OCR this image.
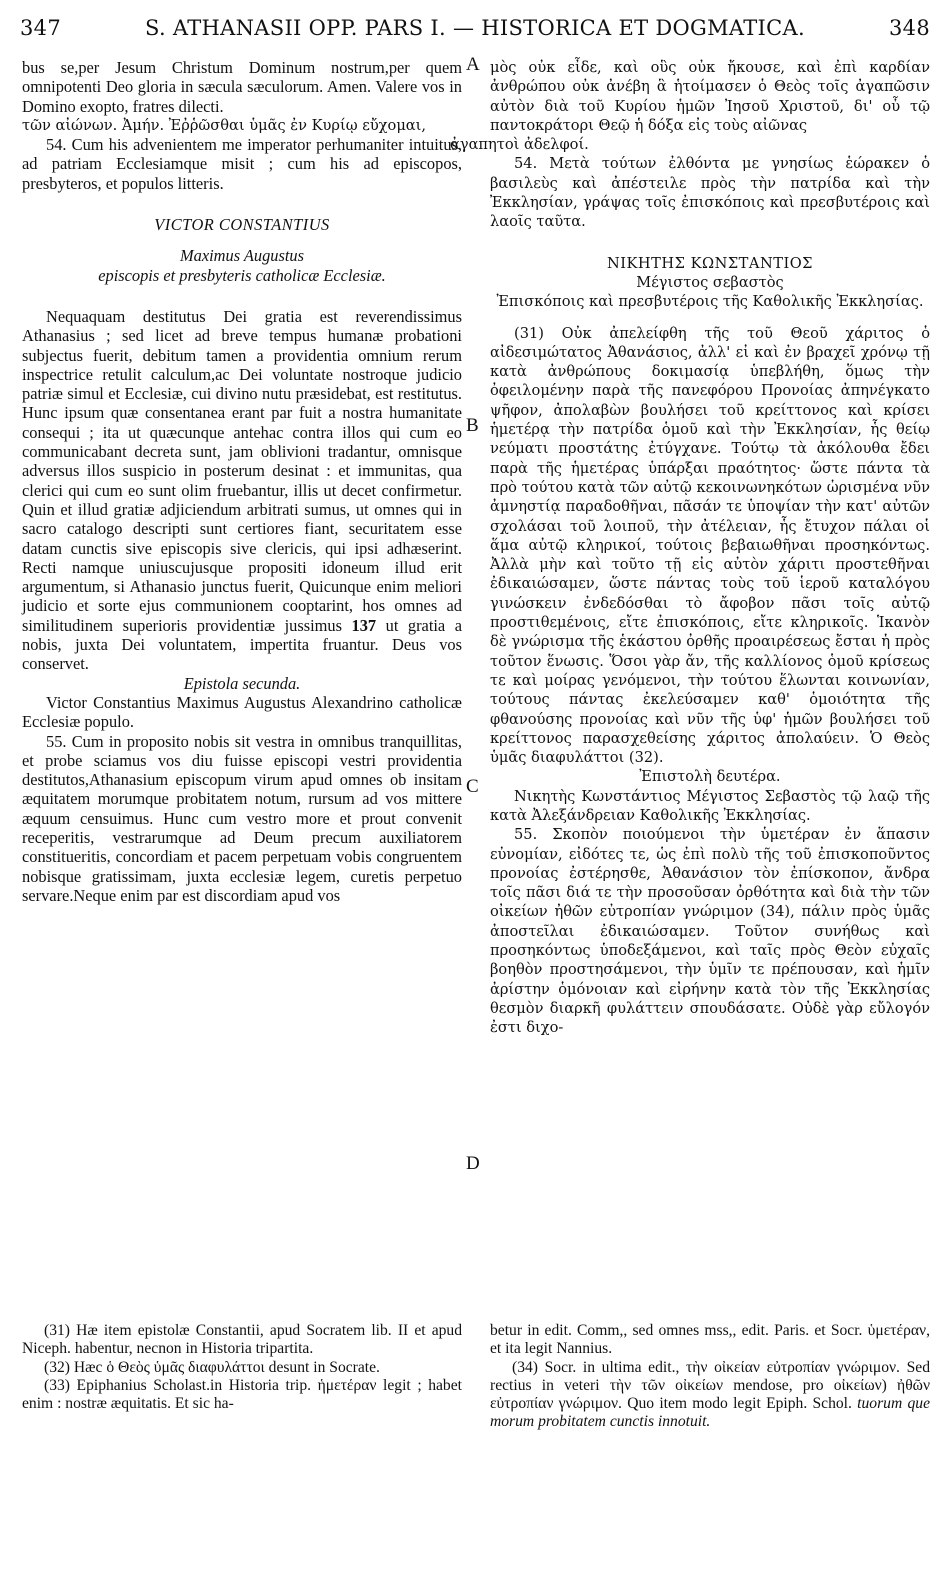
347	S. ATHANASII OPP. PARS I. — HISTORICA ET DOGMATICA.	348
A
B
C
D

bus se,per Jesum Christum Dominum nostrum,per quem omnipotenti Deo gloria in sæcula sæculorum. Amen. Valere vos in Domino exopto, fratres dilecti.

τῶν αἰώνων. Ἀμήν. Ἐῤῥῶσθαι ὑμᾶς ἐν Κυρίῳ εὔχομαι,

54. Cum his advenientem me imperator perhumaniter intuitus, ad patriam Ecclesiamque misit ; cum his ad episcopos, presbyteros, et populos litteris.

VICTOR CONSTANTIUS

Maximus Augustus

episcopis et presbyteris catholicæ Ecclesiæ.

Nequaquam destitutus Dei gratia est reverendissimus Athanasius ; sed licet ad breve tempus humanæ probationi subjectus fuerit, debitum tamen a providentia omnium rerum inspectrice retulit calculum,ac Dei voluntate nostroque judicio patriæ simul et Ecclesiæ, cui divino nutu præsidebat, est restitutus. Hunc ipsum quæ consentanea erant par fuit a nostra humanitate consequi ; ita ut quæcunque antehac contra illos qui cum eo communicabant decreta sunt, jam oblivioni tradantur, omnisque adversus illos suspicio in posterum desinat : et immunitas, qua clerici qui cum eo sunt olim fruebantur, illis ut decet confirmetur. Quin et illud gratiæ adjiciendum arbitrati sumus, ut omnes qui in sacro catalogo descripti sunt certiores fiant, securitatem esse datam cunctis sive episcopis sive clericis, qui ipsi adhæserint. Recti namque uniuscujusque propositi idoneum illud erit argumentum, si Athanasio junctus fuerit, Quicunque enim meliori judicio et sorte ejus communionem cooptarint, hos omnes ad similitudinem superioris providentiæ jussimus 137 ut gratia a nobis, juxta Dei voluntatem, impertita fruantur. Deus vos conservet.

Epistola secunda.

Victor Constantius Maximus Augustus Alexandrino catholicæ Ecclesiæ populo.

55. Cum in proposito nobis sit vestra in omnibus tranquillitas, et probe sciamus vos diu fuisse episcopi vestri providentia destitutos,Athanasium episcopum virum apud omnes ob insitam æquitatem morumque probitatem notum, rursum ad vos mittere æquum censuimus. Hunc cum vestro more et prout convenit receperitis, vestrarumque ad Deum precum auxiliatorem constitueritis, concordiam et pacem perpetuam vobis congruentem nobisque gratissimam, juxta ecclesiæ legem, curetis perpetuo servare.Neque enim par est discordiam apud vos

μὸς οὐκ εἶδε, καὶ οὓς οὐκ ἤκουσε, καὶ ἐπὶ καρδίαν ἀνθρώπου οὐκ ἀνέβη ἃ ἡτοίμασεν ὁ Θεὸς τοῖς ἀγαπῶσιν αὐτὸν διὰ τοῦ Κυρίου ἡμῶν Ἰησοῦ Χριστοῦ, δι' οὗ τῷ παντοκράτορι Θεῷ ἡ δόξα εἰς τοὺς αἰῶνας

ἀγαπητοὶ ἀδελφοί.

54. Μετὰ τούτων ἐλθόντα με γνησίως ἑώρακεν ὁ βασιλεὺς καὶ ἀπέστειλε πρὸς τὴν πατρίδα καὶ τὴν Ἐκκλησίαν, γράψας τοῖς ἐπισκόποις καὶ πρεσβυτέροις καὶ λαοῖς ταῦτα.

ΝΙΚΗΤΗΣ ΚΩΝΣΤΑΝΤΙΟΣ

Μέγιστος σεβαστὸς

Ἐπισκόποις καὶ πρεσβυτέροις τῆς Καθολικῆς Ἐκκλησίας.

(31) Οὐκ ἀπελείφθη τῆς τοῦ Θεοῦ χάριτος ὁ αἰδεσιμώτατος Ἀθανάσιος, ἀλλ' εἰ καὶ ἐν βραχεῖ χρόνῳ τῇ κατὰ ἀνθρώπους δοκιμασίᾳ ὑπεβλήθη, ὅμως τὴν ὀφειλομένην παρὰ τῆς πανεφόρου Προνοίας ἀπηνέγκατο ψῆφον, ἀπολαβὼν βουλήσει τοῦ κρείττονος καὶ κρίσει ἡμετέρᾳ τὴν πατρίδα ὁμοῦ καὶ τὴν Ἐκκλησίαν, ἧς θείῳ νεύματι προστάτης ἐτύγχανε. Τούτῳ τὰ ἀκόλουθα ἔδει παρὰ τῆς ἡμετέρας ὑπάρξαι πραότητος· ὥστε πάντα τὰ πρὸ τούτου κατὰ τῶν αὐτῷ κεκοινωνηκότων ὡρισμένα νῦν ἀμνηστίᾳ παραδοθῆναι, πᾶσάν τε ὑποψίαν τὴν κατ' αὐτῶν σχολάσαι τοῦ λοιποῦ, τὴν ἀτέλειαν, ἧς ἔτυχον πάλαι οἱ ἅμα αὐτῷ κληρικοί, τούτοις βεβαιωθῆναι προσηκόντως. Ἀλλὰ μὴν καὶ τοῦτο τῇ εἰς αὐτὸν χάριτι προστεθῆναι ἐδικαιώσαμεν, ὥστε πάντας τοὺς τοῦ ἱεροῦ καταλόγου γινώσκειν ἐνδεδόσθαι τὸ ἄφοβον πᾶσι τοῖς αὐτῷ προστιθεμένοις, εἴτε ἐπισκόποις, εἴτε κληρικοῖς. Ἱκανὸν δὲ γνώρισμα τῆς ἑκάστου ὀρθῆς προαιρέσεως ἔσται ἡ πρὸς τοῦτον ἕνωσις. Ὅσοι γὰρ ἄν, τῆς καλλίονος ὁμοῦ κρίσεως τε καὶ μοίρας γενόμενοι, τὴν τούτου ἕλωνται κοινωνίαν, τούτους πάντας ἐκελεύσαμεν καθ' ὁμοιότητα τῆς φθανούσης προνοίας καὶ νῦν τῆς ὑφ' ἡμῶν βουλήσει τοῦ κρείττονος παρασχεθείσης χάριτος ἀπολαύειν. Ὁ Θεὸς ὑμᾶς διαφυλάττοι (32).

Ἐπιστολὴ δευτέρα.

Νικητὴς Κωνστάντιος Μέγιστος Σεβαστὸς τῷ λαῷ τῆς κατὰ Ἀλεξάνδρειαν Καθολικῆς Ἐκκλησίας.

55. Σκοπὸν ποιούμενοι τὴν ὑμετέραν ἐν ἅπασιν εὐνομίαν, εἰδότες τε, ὡς ἐπὶ πολὺ τῆς τοῦ ἐπισκοποῦντος προνοίας ἐστέρησθε, Ἀθανάσιον τὸν ἐπίσκοπον, ἄνδρα τοῖς πᾶσι διά τε τὴν προσοῦσαν ὀρθότητα καὶ διὰ τὴν τῶν οἰκείων ἠθῶν εὐτροπίαν γνώριμον (34), πάλιν πρὸς ὑμᾶς ἀποστεῖλαι ἐδικαιώσαμεν. Τοῦτον συνήθως καὶ προσηκόντως ὑποδεξάμενοι, καὶ ταῖς πρὸς Θεὸν εὐχαῖς βοηθὸν προστησάμενοι, τὴν ὑμῖν τε πρέπουσαν, καὶ ἡμῖν ἀρίστην ὁμόνοιαν καὶ εἰρήνην κατὰ τὸν τῆς Ἐκκλησίας θεσμὸν διαρκῆ φυλάττειν σπουδάσατε. Οὐδὲ γὰρ εὔλογόν ἐστι διχο-

(31) Hæ item epistolæ Constantii, apud Socratem lib. II et apud Niceph. habentur, necnon in Historia tripartita.

(32) Hæc ὁ Θεὸς ὑμᾶς διαφυλάττοι desunt in Socrate.

(33) Epiphanius Scholast.in Historia trip. ἡμετέραν legit ; habet enim : nostræ æquitatis. Et sic ha-

betur in edit. Comm,, sed omnes mss,, edit. Paris. et Socr. ὑμετέραν, et ita legit Nannius.

(34) Socr. in ultima edit., τὴν οἰκείαν εὐτροπίαν γνώριμον. Sed rectius in veteri τὴν τῶν οἰκείων mendose, pro οἰκείων) ἠθῶν εὐτροπίαν γνώριμον. Quo item modo legit Epiph. Schol. tuorum que morum probitatem cunctis innotuit.
